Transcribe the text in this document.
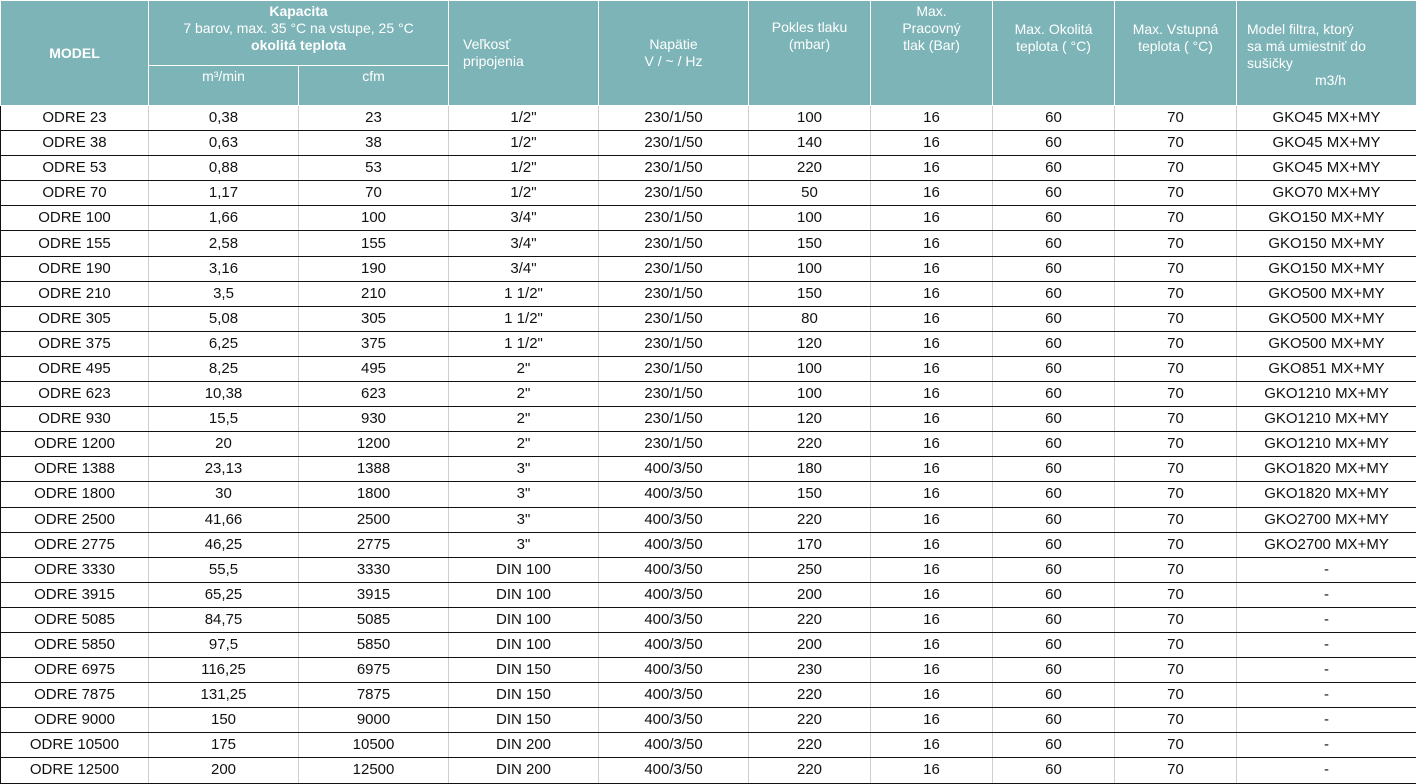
MODEL	Kapacita
7 barov, max. 35 °C na vstupe, 25 °C
okolitá teplota		Veľkosť
pripojenia	Napätie
V / ~ / Hz	Pokles tlaku
(mbar)	Max.
Pracovný
tlak (Bar)	Max. Okolitá
teplota ( °C)	Max. Vstupná
teplota ( °C)	Model filtra, ktorý
sa má umiestniť do
sušičky
m3/h

	m³/min	cfm							
ODRE 23	0,38	23	1/2"	230/1/50	100	16	60	70	GKO45 MX+MY
ODRE 38	0,63	38	1/2"	230/1/50	140	16	60	70	GKO45 MX+MY
ODRE 53	0,88	53	1/2"	230/1/50	220	16	60	70	GKO45 MX+MY
ODRE 70	1,17	70	1/2"	230/1/50	50	16	60	70	GKO70 MX+MY
ODRE 100	1,66	100	3/4"	230/1/50	100	16	60	70	GKO150 MX+MY
ODRE 155	2,58	155	3/4"	230/1/50	150	16	60	70	GKO150 MX+MY
ODRE 190	3,16	190	3/4"	230/1/50	100	16	60	70	GKO150 MX+MY
ODRE 210	3,5	210	1 1/2"	230/1/50	150	16	60	70	GKO500 MX+MY
ODRE 305	5,08	305	1 1/2"	230/1/50	80	16	60	70	GKO500 MX+MY
ODRE 375	6,25	375	1 1/2"	230/1/50	120	16	60	70	GKO500 MX+MY
ODRE 495	8,25	495	2"	230/1/50	100	16	60	70	GKO851 MX+MY
ODRE 623	10,38	623	2"	230/1/50	100	16	60	70	GKO1210 MX+MY
ODRE 930	15,5	930	2"	230/1/50	120	16	60	70	GKO1210 MX+MY
ODRE 1200	20	1200	2"	230/1/50	220	16	60	70	GKO1210 MX+MY
ODRE 1388	23,13	1388	3"	400/3/50	180	16	60	70	GKO1820 MX+MY
ODRE 1800	30	1800	3"	400/3/50	150	16	60	70	GKO1820 MX+MY
ODRE 2500	41,66	2500	3"	400/3/50	220	16	60	70	GKO2700 MX+MY
ODRE 2775	46,25	2775	3"	400/3/50	170	16	60	70	GKO2700 MX+MY
ODRE 3330	55,5	3330	DIN 100	400/3/50	250	16	60	70	-
ODRE 3915	65,25	3915	DIN 100	400/3/50	200	16	60	70	-
ODRE 5085	84,75	5085	DIN 100	400/3/50	220	16	60	70	-
ODRE 5850	97,5	5850	DIN 100	400/3/50	200	16	60	70	-
ODRE 6975	116,25	6975	DIN 150	400/3/50	230	16	60	70	-
ODRE 7875	131,25	7875	DIN 150	400/3/50	220	16	60	70	-
ODRE 9000	150	9000	DIN 150	400/3/50	220	16	60	70	-
ODRE 10500	175	10500	DIN 200	400/3/50	220	16	60	70	-
ODRE 12500	200	12500	DIN 200	400/3/50	220	16	60	70	-
